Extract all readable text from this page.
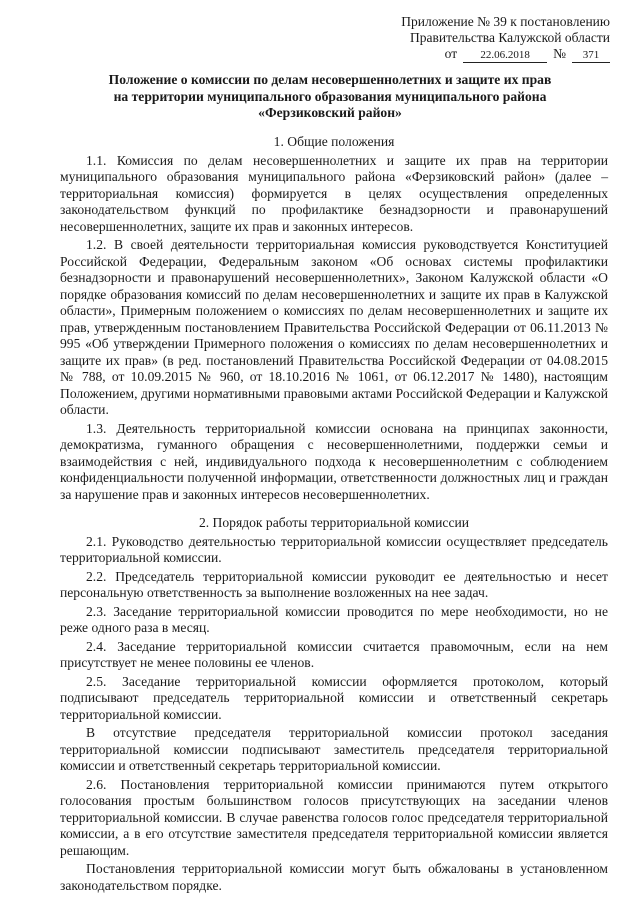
Приложение № 39 к постановлению
Правительства Калужской области
от	22.06.2018	№	371
Положение о комиссии по делам несовершеннолетних и защите их прав
на территории муниципального образования муниципального района
«Ферзиковский район»
1. Общие положения

1.1. Комиссия по делам несовершеннолетних и защите их прав на территории муниципального образования муниципального района «Ферзиковский район» (далее – территориальная комиссия) формируется в целях осуществления определенных законодательством функций по профилактике безнадзорности и правонарушений несовершеннолетних, защите их прав и законных интересов.

1.2. В своей деятельности территориальная комиссия руководствуется Конституцией Российской Федерации, Федеральным законом «Об основах системы профилактики безнадзорности и правонарушений несовершеннолетних», Законом Калужской области «О порядке образования комиссий по делам несовершеннолетних и защите их прав в Калужской области», Примерным положением о комиссиях по делам несовершеннолетних и защите их прав, утвержденным постановлением Правительства Российской Федерации от 06.11.2013 № 995 «Об утверждении Примерного положения о комиссиях по делам несовершеннолетних и защите их прав» (в ред. постановлений Правительства Российской Федерации от 04.08.2015 № 788, от 10.09.2015 № 960, от 18.10.2016 № 1061, от 06.12.2017 № 1480), настоящим Положением, другими нормативными правовыми актами Российской Федерации и Калужской области.

1.3. Деятельность территориальной комиссии основана на принципах законности, демократизма, гуманного обращения с несовершеннолетними, поддержки семьи и взаимодействия с ней, индивидуального подхода к несовершеннолетним с соблюдением конфиденциальности полученной информации, ответственности должностных лиц и граждан за нарушение прав и законных интересов несовершеннолетних.

2. Порядок работы территориальной комиссии

2.1. Руководство деятельностью территориальной комиссии осуществляет председатель территориальной комиссии.

2.2. Председатель территориальной комиссии руководит ее деятельностью и несет персональную ответственность за выполнение возложенных на нее задач.

2.3. Заседание территориальной комиссии проводится по мере необходимости, но не реже одного раза в месяц.

2.4. Заседание территориальной комиссии считается правомочным, если на нем присутствует не менее половины ее членов.

2.5. Заседание территориальной комиссии оформляется протоколом, который подписывают председатель территориальной комиссии и ответственный секретарь территориальной комиссии.

В отсутствие председателя территориальной комиссии протокол заседания территориальной комиссии подписывают заместитель председателя территориальной комиссии и ответственный секретарь территориальной комиссии.

2.6. Постановления территориальной комиссии принимаются путем открытого голосования простым большинством голосов присутствующих на заседании членов территориальной комиссии. В случае равенства голосов голос председателя территориальной комиссии, а в его отсутствие заместителя председателя территориальной комиссии является решающим.

Постановления территориальной комиссии могут быть обжалованы в установленном законодательством порядке.
